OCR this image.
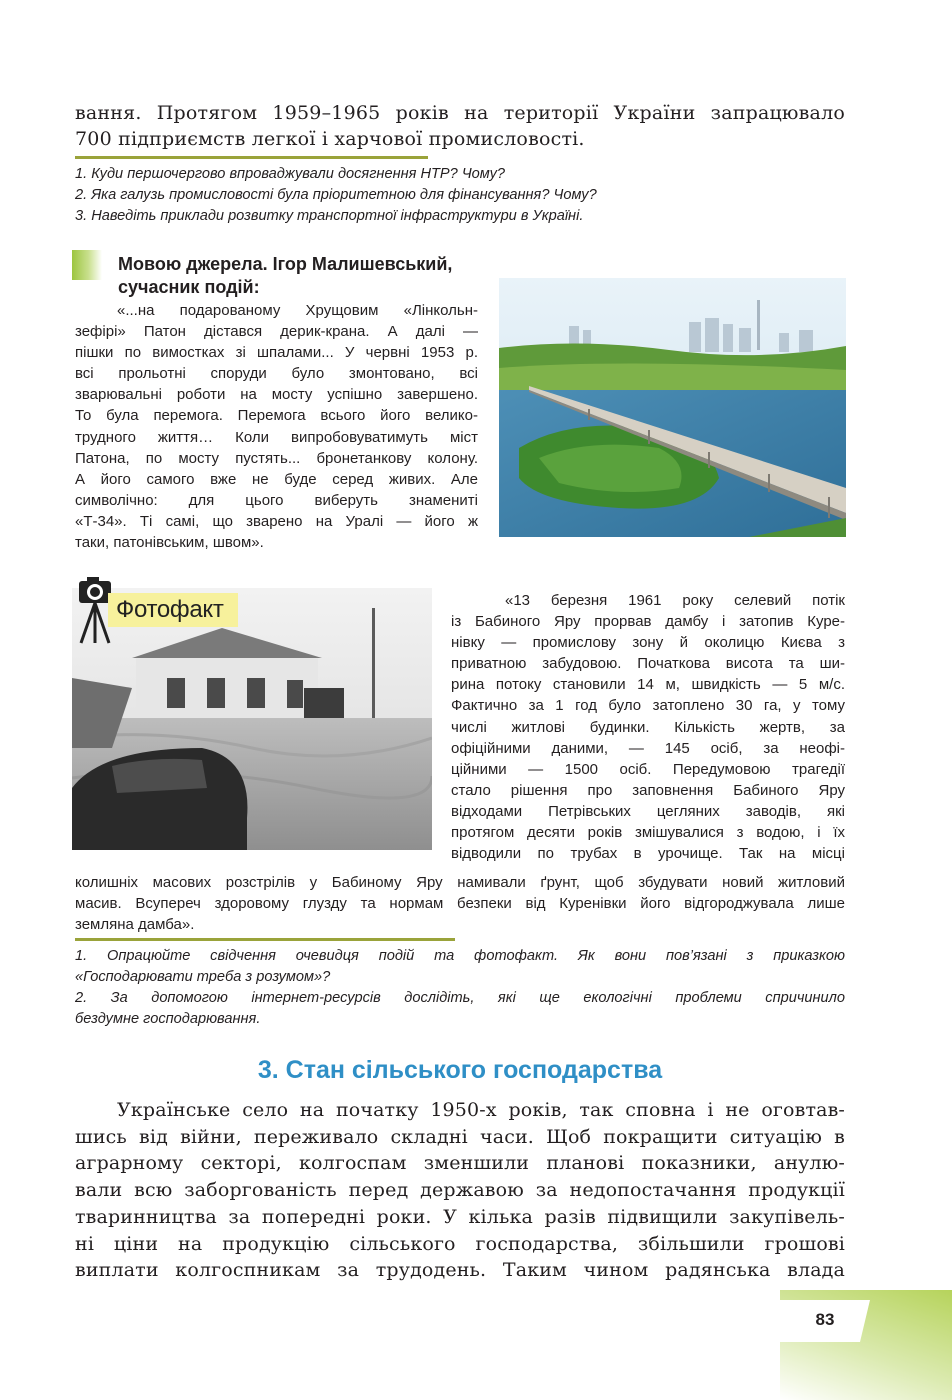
вання. Протягом 1959–1965 років на території України запрацювало
700 підприємств легкої і харчової промисловості.
1. Куди першочергово впроваджували досягнення НТР? Чому?
2. Яка галузь промисловості була пріоритетною для фінансування? Чому?
3. Наведіть приклади розвитку транспортної інфраструктури в Україні.
Мовою джерела. Ігор Малишевський,
сучасник подій:
«...на подарованому Хрущовим «Лінкольн-
зефірі» Патон дістався дерик-крана. А далі —
пішки по вимостках зі шпалами... У червні 1953 р.
всі прольотні споруди було змонтовано, всі
зварювальні роботи на мосту успішно завершено.
То була перемога. Перемога всього його велико-
трудного життя… Коли випробовуватимуть міст
Патона, по мосту пустять... бронетанкову колону.
А його самого вже не буде серед живих. Але
символічно: для цього виберуть знамениті
«Т-34». Ті самі, що зварено на Уралі — його ж
таки, патонівським, швом».
Фотофакт	«13 березня 1961 року селевий потік
із Бабиного Яру прорвав дамбу і затопив Куре-
нівку — промислову зону й околицю Києва з
приватною забудовою. Початкова висота та ши-
рина потоку становили 14 м, швидкість — 5 м/с.
Фактично за 1 год було затоплено 30 га, у тому
числі житлові будинки. Кількість жертв, за
офіційними даними, — 145 осіб, за неофі-
ційними — 1500 осіб. Передумовою трагедії
стало рішення про заповнення Бабиного Яру
відходами Петрівських цегляних заводів, які
протягом десяти років змішувалися з водою, і їх
відводили по трубах в урочище. Так на місці
колишніх масових розстрілів у Бабиному Яру намивали ґрунт, щоб збудувати новий житловий
масив. Всупереч здоровому глузду та нормам безпеки від Куренівки його відгороджувала лише
земляна дамба».
1. Опрацюйте свідчення очевидця подій та фотофакт. Як вони пов’язані з приказкою
«Господарювати треба з розумом»?
2. За допомогою інтернет-ресурсів дослідіть, які ще екологічні проблеми спричинило
бездумне господарювання.
3. Стан сільського господарства
Українське село на початку 1950-х років, так сповна і не оговтав-
шись від війни, переживало складні часи. Щоб покращити ситуацію в
аграрному секторі, колгоспам зменшили планові показники, анулю-
вали всю заборгованість перед державою за недопостачання продукції
тваринництва за попередні роки. У кілька разів підвищили закупівель-
ні ціни на продукцію сільського господарства, збільшили грошові
виплати колгоспникам за трудодень. Таким чином радянська влада
83
